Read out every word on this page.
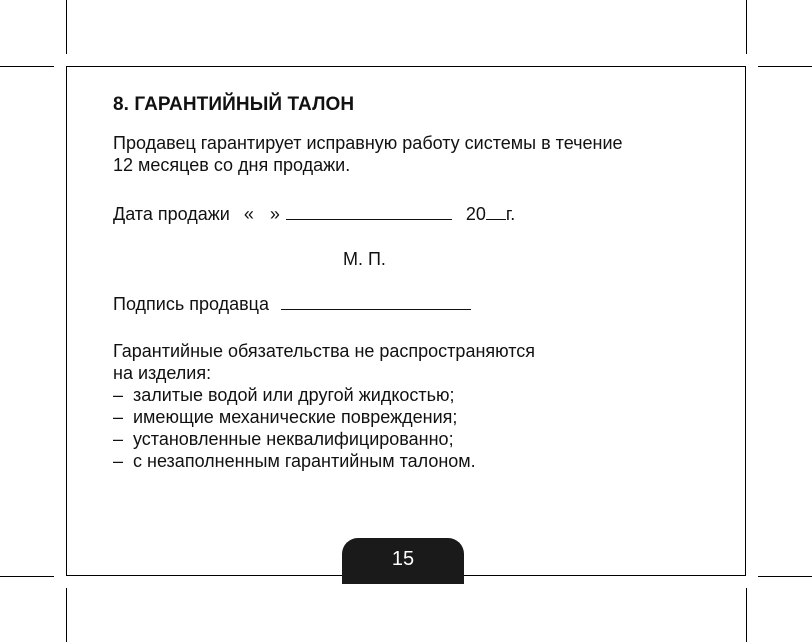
8. ГАРАНТИЙНЫЙ ТАЛОН

Продавец гарантирует исправную работу системы в течение

12 месяцев со дня продажи.

Дата продажи « »	20 г.
М. П.
Подпись продавца

Гарантийные обязательства не распространяются

на изделия:

– залитые водой или другой жидкостью;
– имеющие механические повреждения;
– установленные неквалифицированно;
– с незаполненным гарантийным талоном.
15
